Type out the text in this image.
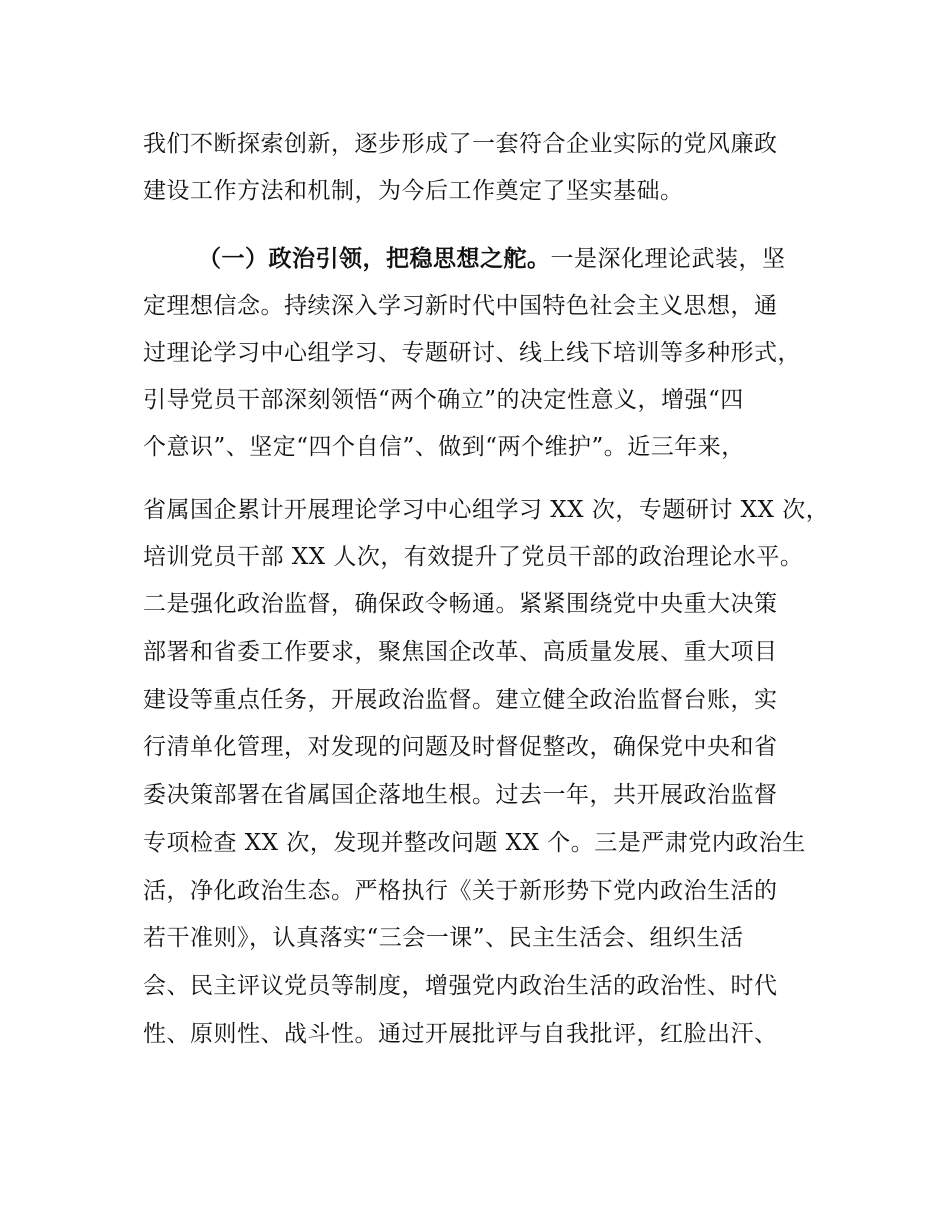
我们不断探索创新，逐步形成了一套符合企业实际的党风廉政
建设工作方法和机制，为今后工作奠定了坚实基础。
（一）政治引领，把稳思想之舵。一是深化理论武装，坚
定理想信念。持续深入学习新时代中国特色社会主义思想，通
过理论学习中心组学习、专题研讨、线上线下培训等多种形式，
引导党员干部深刻领悟“两个确立”的决定性意义，增强“四
个意识”、坚定“四个自信”、做到“两个维护”。近三年来，
省属国企累计开展理论学习中心组学习 XX 次，专题研讨 XX 次，
培训党员干部 XX 人次，有效提升了党员干部的政治理论水平。
二是强化政治监督，确保政令畅通。紧紧围绕党中央重大决策
部署和省委工作要求，聚焦国企改革、高质量发展、重大项目
建设等重点任务，开展政治监督。建立健全政治监督台账，实
行清单化管理，对发现的问题及时督促整改，确保党中央和省
委决策部署在省属国企落地生根。过去一年，共开展政治监督
专项检查 XX 次，发现并整改问题 XX 个。三是严肃党内政治生
活，净化政治生态。严格执行《关于新形势下党内政治生活的
若干准则》，认真落实“三会一课”、民主生活会、组织生活
会、民主评议党员等制度，增强党内政治生活的政治性、时代
性、原则性、战斗性。通过开展批评与自我批评，红脸出汗、
